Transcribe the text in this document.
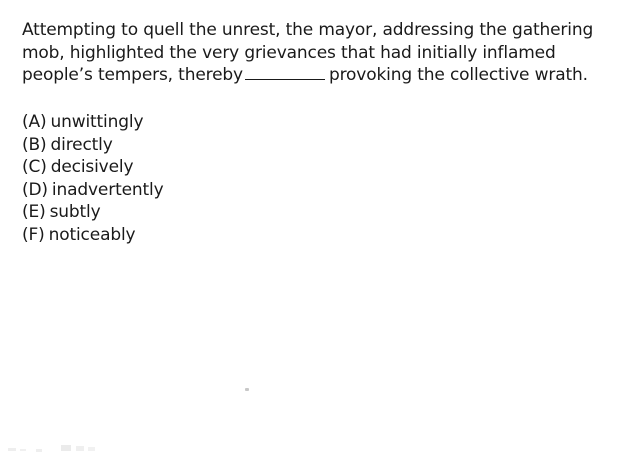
Attempting to quell the unrest, the mayor, addressing the gathering
mob, highlighted the very grievances that had initially inflamed
people’s tempers, thereby	provoking the collective wrath.
(A) unwittingly
(B) directly
(C) decisively
(D) inadvertently
(E) subtly
(F) noticeably
